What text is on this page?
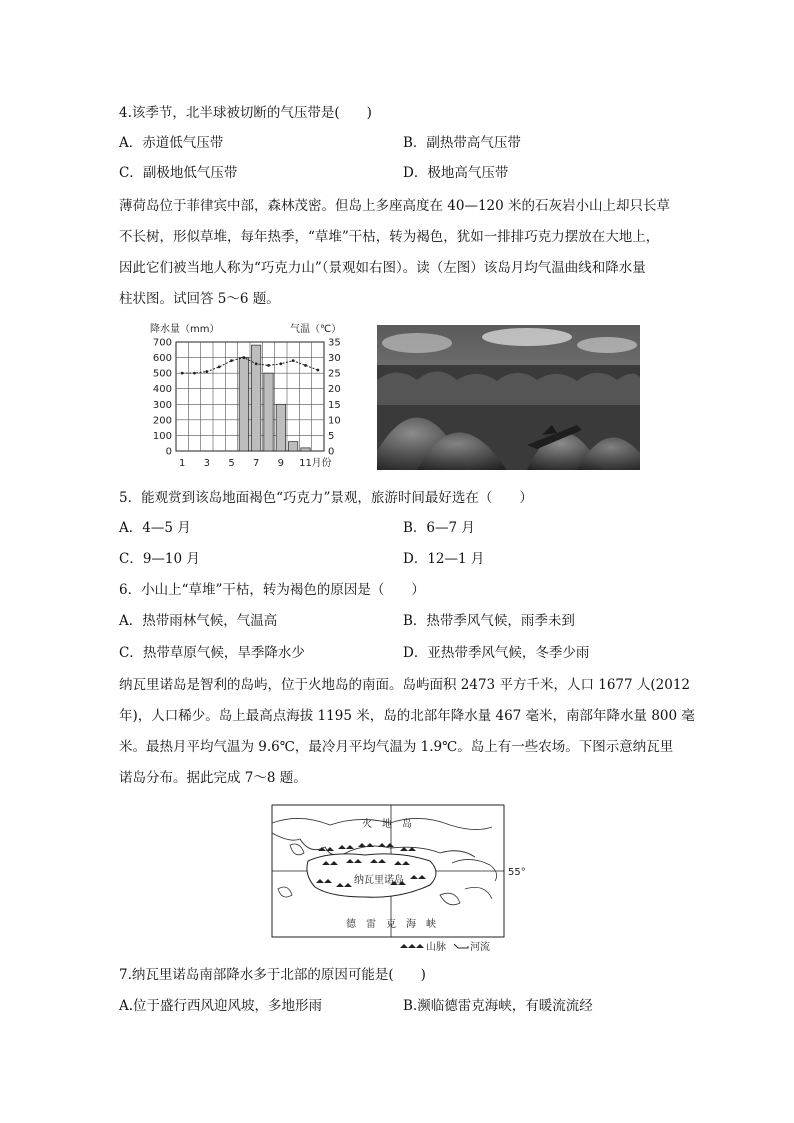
4.该季节，北半球被切断的气压带是(　　)
A．赤道低气压带	B．副热带高气压带
C．副极地低气压带	D．极地高气压带
薄荷岛位于菲律宾中部，森林茂密。但岛上多座高度在 40—120 米的石灰岩小山上却只长草
不长树，形似草堆，每年热季，“草堆”干枯，转为褐色，犹如一排排巧克力摆放在大地上，
因此它们被当地人称为“巧克力山”（景观如右图）。读（左图）该岛月均气温曲线和降水量
柱状图。试回答 5～6 题。
0
100
200
300
400
500
600
700
0
5
10
15
20
25
30
35
1 3 5 7 9 11 月份
降水量（mm）	气温（℃）
5．能观赏到该岛地面褐色“巧克力”景观，旅游时间最好选在（　　）
A．4—5 月	B．6—7 月
C．9—10 月	D．12—1 月
6．小山上“草堆”干枯，转为褐色的原因是（　　）
A．热带雨林气候，气温高	B．热带季风气候，雨季未到
C．热带草原气候，旱季降水少	D．亚热带季风气候，冬季少雨
纳瓦里诺岛是智利的岛屿，位于火地岛的南面。岛屿面积 2473 平方千米，人口 1677 人(2012
年)，人口稀少。岛上最高点海拔 1195 米，岛的北部年降水量 467 毫米，南部年降水量 800 毫
米。最热月平均气温为 9.6℃，最冷月平均气温为 1.9℃。岛上有一些农场。下图示意纳瓦里
诺岛分布。据此完成 7～8 题。
火　地　岛
纳瓦里诺岛
德　雷　克　海　峡
55°
山脉 河流
7.纳瓦里诺岛南部降水多于北部的原因可能是(　　)
A.位于盛行西风迎风坡，多地形雨	B.濒临德雷克海峡，有暖流流经
